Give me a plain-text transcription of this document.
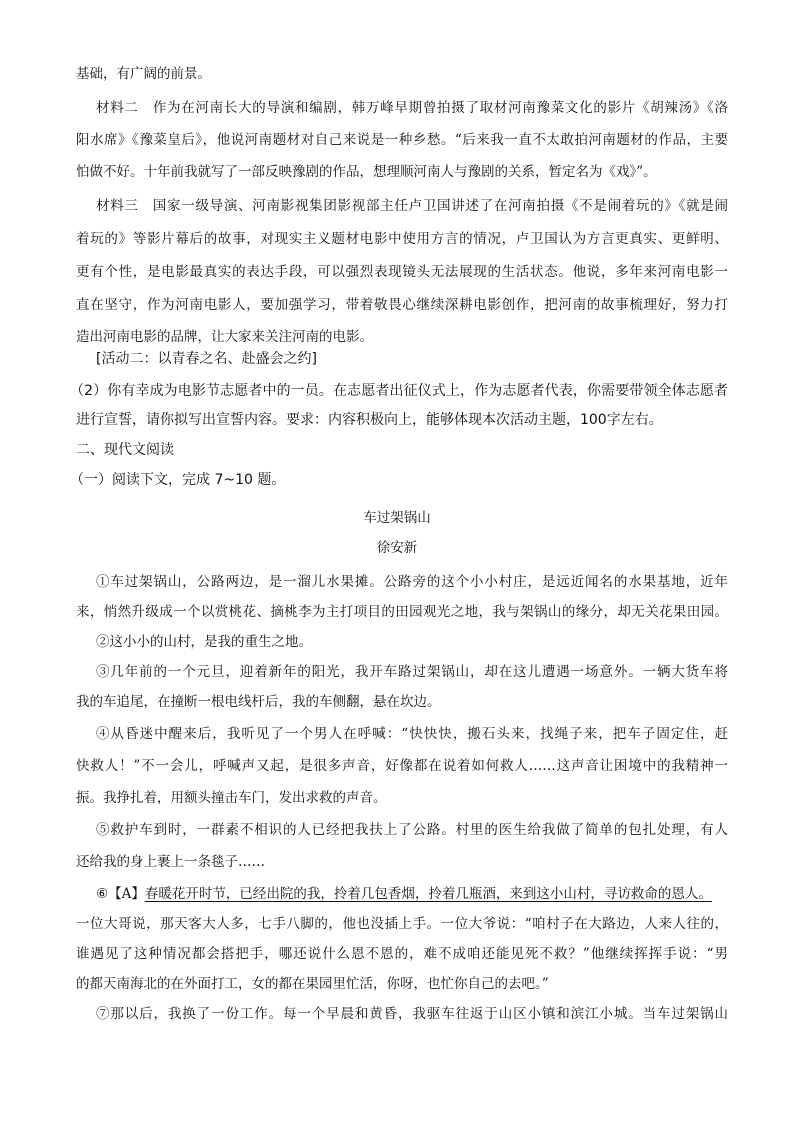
基础，有广阔的前景。
材料二　作为在河南长大的导演和编剧，韩万峰早期曾拍摄了取材河南豫菜文化的影片《胡辣汤》《洛
阳水席》《豫菜皇后》，他说河南题材对自己来说是一种乡愁。“后来我一直不太敢拍河南题材的作品，主要
怕做不好。十年前我就写了一部反映豫剧的作品，想理顺河南人与豫剧的关系，暂定名为《戏》”。
材料三　国家一级导演、河南影视集团影视部主任卢卫国讲述了在河南拍摄《不是闹着玩的》《就是闹
着玩的》等影片幕后的故事，对现实主义题材电影中使用方言的情况，卢卫国认为方言更真实、更鲜明、
更有个性，是电影最真实的表达手段，可以强烈表现镜头无法展现的生活状态。他说，多年来河南电影一
直在坚守，作为河南电影人，要加强学习，带着敬畏心继续深耕电影创作，把河南的故事梳理好，努力打
造出河南电影的品牌，让大家来关注河南的电影。
[活动二：以青春之名、赴盛会之约]
（2）你有幸成为电影节志愿者中的一员。在志愿者出征仪式上，作为志愿者代表，你需要带领全体志愿者
进行宣誓，请你拟写出宣誓内容。要求：内容积极向上，能够体现本次活动主题，100字左右。
二、现代文阅读
（一）阅读下文，完成 7~10 题。
车过架锅山
徐安新
①车过架锅山，公路两边，是一溜儿水果摊。公路旁的这个小小村庄，是远近闻名的水果基地，近年
来，悄然升级成一个以赏桃花、摘桃李为主打项目的田园观光之地，我与架锅山的缘分，却无关花果田园。
②这小小的山村，是我的重生之地。
③几年前的一个元旦，迎着新年的阳光，我开车路过架锅山，却在这儿遭遇一场意外。一辆大货车将
我的车追尾，在撞断一根电线杆后，我的车侧翻，悬在坎边。
④从昏迷中醒来后，我听见了一个男人在呼喊：“快快快，搬石头来，找绳子来，把车子固定住，赶
快救人！”不一会儿，呼喊声又起，是很多声音，好像都在说着如何救人……这声音让困境中的我精神一
振。我挣扎着，用额头撞击车门，发出求救的声音。
⑤救护车到时，一群素不相识的人已经把我扶上了公路。村里的医生给我做了简单的包扎处理，有人
还给我的身上裹上一条毯子……
⑥【A】春暖花开时节，已经出院的我，拎着几包香烟，拎着几瓶酒，来到这小山村，寻访救命的恩人。
一位大哥说，那天客大人多，七手八脚的，他也没插上手。一位大爷说：“咱村子在大路边，人来人往的，
谁遇见了这种情况都会搭把手，哪还说什么恩不恩的，难不成咱还能见死不救？”他继续挥挥手说：“男
的都天南海北的在外面打工，女的都在果园里忙活，你呀，也忙你自己的去吧。”
⑦那以后，我换了一份工作。每一个早晨和黄昏，我驱车往返于山区小镇和滨江小城。当车过架锅山
